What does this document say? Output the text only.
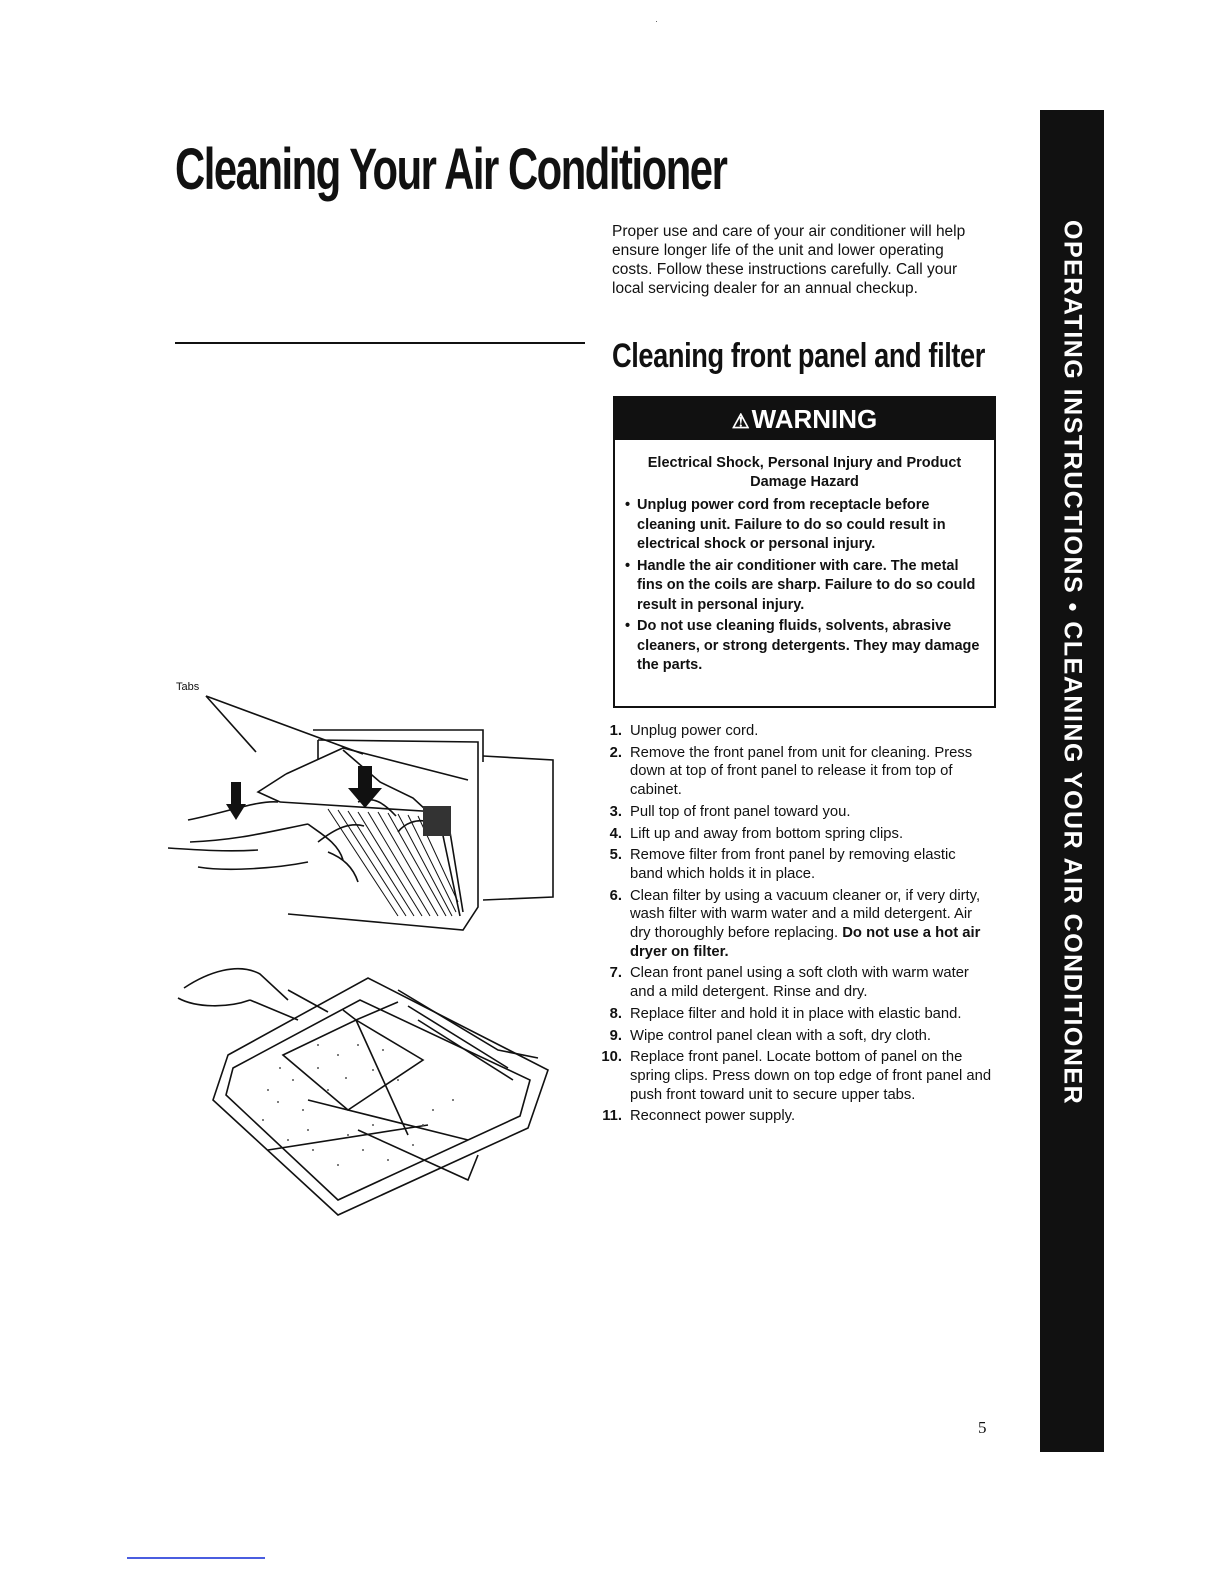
Cleaning Your Air Conditioner

Proper use and care of your air conditioner will help ensure longer life of the unit and lower operating costs. Follow these instructions carefully. Call your local servicing dealer for an annual checkup.

Cleaning front panel and filter
⚠WARNING
Electrical Shock, Personal Injury and Product Damage Hazard
• Unplug power cord from receptacle before cleaning unit. Failure to do so could result in electrical shock or personal injury.
• Handle the air conditioner with care. The metal fins on the coils are sharp. Failure to do so could result in personal injury.
• Do not use cleaning fluids, solvents, abrasive cleaners, or strong detergents. They may damage the parts.
1. Unplug power cord.
2. Remove the front panel from unit for cleaning. Press down at top of front panel to release it from top of cabinet.
3. Pull top of front panel toward you.
4. Lift up and away from bottom spring clips.
5. Remove filter from front panel by removing elastic band which holds it in place.
6. Clean filter by using a vacuum cleaner or, if very dirty, wash filter with warm water and a mild detergent. Air dry thoroughly before replacing. Do not use a hot air dryer on filter.
7. Clean front panel using a soft cloth with warm water and a mild detergent. Rinse and dry.
8. Replace filter and hold it in place with elastic band.
9. Wipe control panel clean with a soft, dry cloth.
10. Replace front panel. Locate bottom of panel on the spring clips. Press down on top edge of front panel and push front toward unit to secure upper tabs.
11. Reconnect power supply.
OPERATING INSTRUCTIONS • CLEANING YOUR AIR CONDITIONER
5
Tabs
